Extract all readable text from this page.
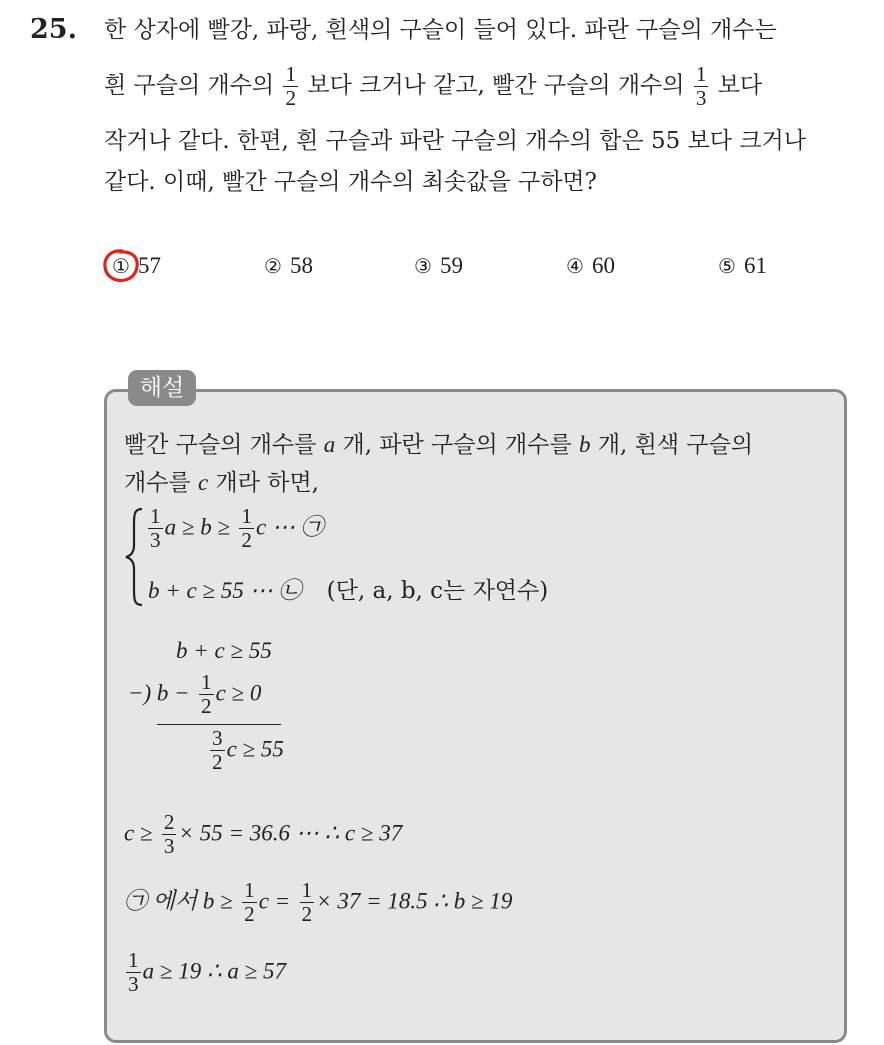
25. 한 상자에 빨강, 파랑, 흰색의 구슬이 들어 있다. 파란 구슬의 개수는
흰 구슬의 개수의 $\frac{1}{2}$ 보다 크거나 같고, 빨간 구슬의 개수의 $\frac{1}{3}$ 보다
작거나 같다. 한편, 흰 구슬과 파란 구슬의 개수의 합은 55 보다 크거나
같다. 이때, 빨간 구슬의 개수의 최솟값을 구하면?
① 57	② 58	③ 59	④ 60	⑤ 61
해설
빨간 구슬의 개수를 a 개, 파란 구슬의 개수를 b 개, 흰색 구슬의
개수를 c 개라 하면,
$\frac{1}{3}$ $a \ge b \ge \frac{1}{2}$ c ⋯ ㉠
b + c ≥ 55 ⋯ ㉡ (단, a, b, c는 자연수)
b + c ≥ 55
−) $b - \frac{1}{2}$ c ≥ 0
$\frac{3}{2}$ c ≥ 55
$c \ge \frac{2}{3} \times 55 = 36.6$ ⋯ ∴ c ≥ 37
㉠ 에서 $b \ge \frac{1}{2}$ $c = \frac{1}{2} \times 37 = 18.5$ ∴ b ≥ 19
$\frac{1}{3}$ a ≥ 19 ∴ a ≥ 57
